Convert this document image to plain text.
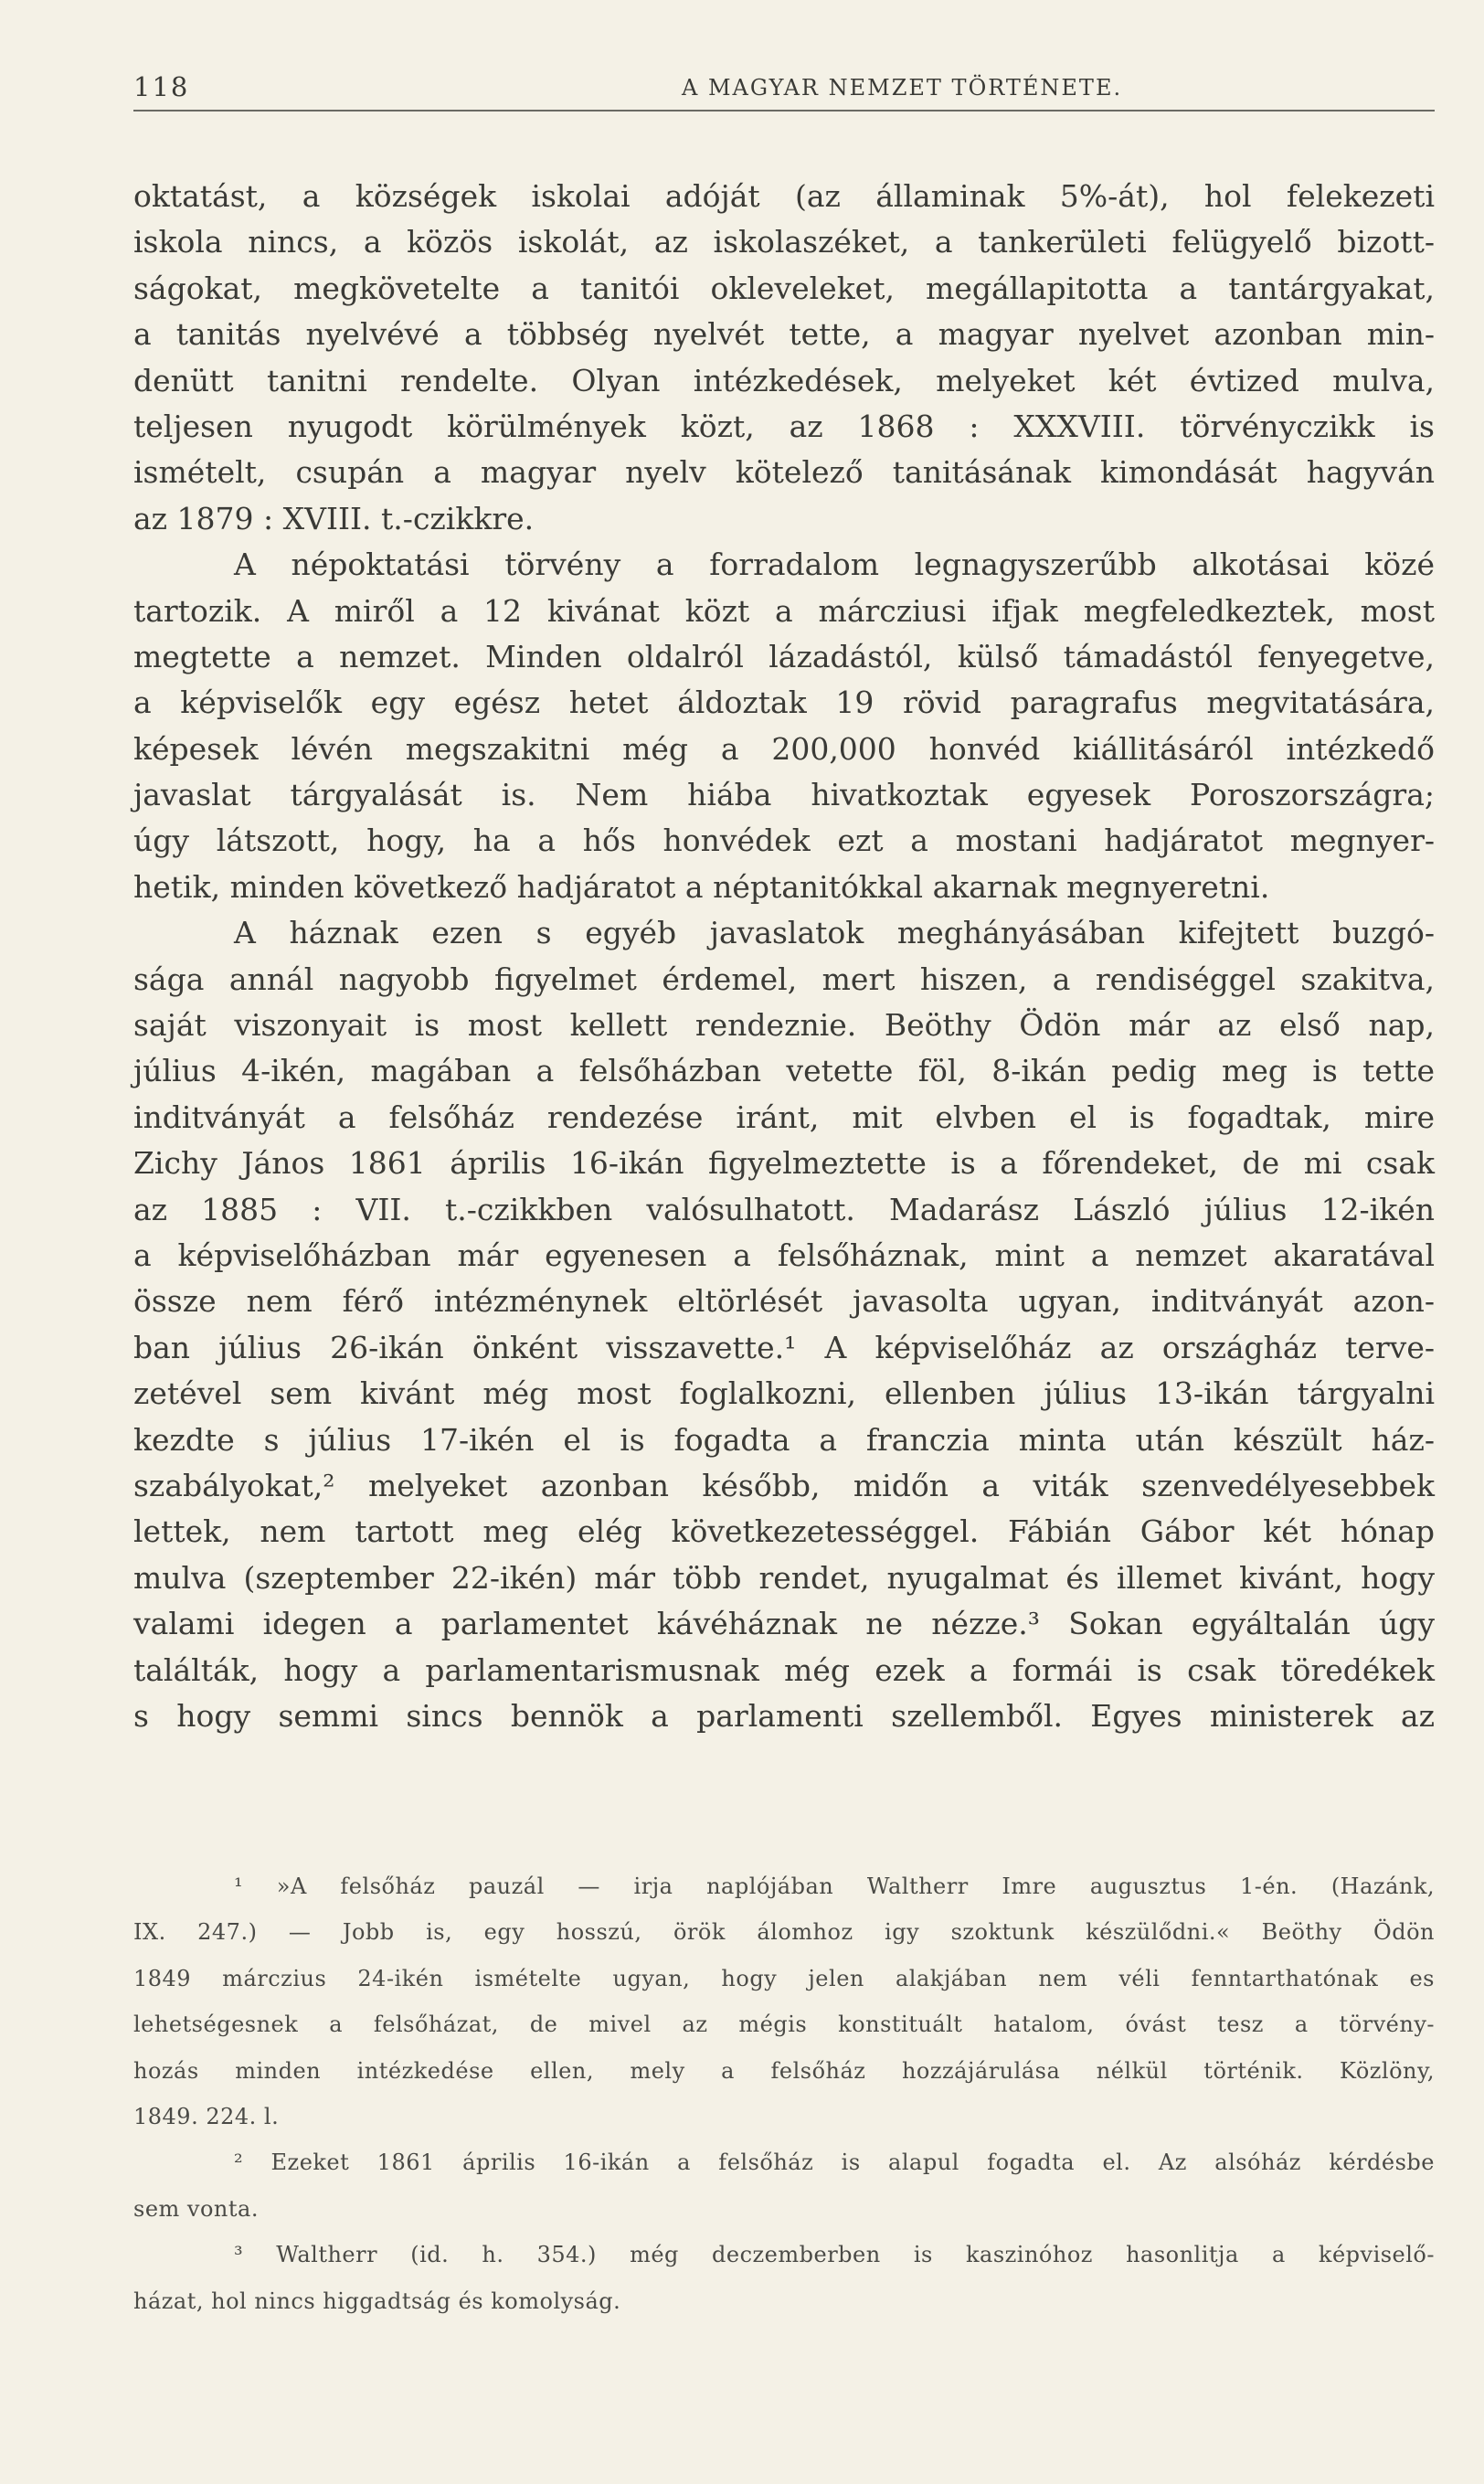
118	A MAGYAR NEMZET TÖRTÉNETE.
oktatást, a községek iskolai adóját (az államinak 5%-át), hol felekezeti
iskola nincs, a közös iskolát, az iskolaszéket, a tankerületi felügyelő bizott-
ságokat, megkövetelte a tanitói okleveleket, megállapitotta a tantárgyakat,
a tanitás nyelvévé a többség nyelvét tette, a magyar nyelvet azonban min-
denütt tanitni rendelte. Olyan intézkedések, melyeket két évtized mulva,
teljesen nyugodt körülmények közt, az 1868 : XXXVIII. törvényczikk is
ismételt, csupán a magyar nyelv kötelező tanitásának kimondását hagyván
az 1879 : XVIII. t.-czikkre.
A népoktatási törvény a forradalom legnagyszerűbb alkotásai közé
tartozik. A miről a 12 kivánat közt a márcziusi ifjak megfeledkeztek, most
megtette a nemzet. Minden oldalról lázadástól, külső támadástól fenyegetve,
a képviselők egy egész hetet áldoztak 19 rövid paragrafus megvitatására,
képesek lévén megszakitni még a 200,000 honvéd kiállitásáról intézkedő
javaslat tárgyalását is. Nem hiába hivatkoztak egyesek Poroszországra;
úgy látszott, hogy, ha a hős honvédek ezt a mostani hadjáratot megnyer-
hetik, minden következő hadjáratot a néptanitókkal akarnak megnyeretni.
A háznak ezen s egyéb javaslatok meghányásában kifejtett buzgó-
sága annál nagyobb figyelmet érdemel, mert hiszen, a rendiséggel szakitva,
saját viszonyait is most kellett rendeznie. Beöthy Ödön már az első nap,
július 4-ikén, magában a felsőházban vetette föl, 8-ikán pedig meg is tette
inditványát a felsőház rendezése iránt, mit elvben el is fogadtak, mire
Zichy János 1861 április 16-ikán figyelmeztette is a főrendeket, de mi csak
az 1885 : VII. t.-czikkben valósulhatott. Madarász László július 12-ikén
a képviselőházban már egyenesen a felsőháznak, mint a nemzet akaratával
össze nem férő intézménynek eltörlését javasolta ugyan, inditványát azon-
ban július 26-ikán önként visszavette.¹ A képviselőház az országház terve-
zetével sem kivánt még most foglalkozni, ellenben július 13-ikán tárgyalni
kezdte s július 17-ikén el is fogadta a franczia minta után készült ház-
szabályokat,² melyeket azonban később, midőn a viták szenvedélyesebbek
lettek, nem tartott meg elég következetességgel. Fábián Gábor két hónap
mulva (szeptember 22-ikén) már több rendet, nyugalmat és illemet kivánt, hogy
valami idegen a parlamentet kávéháznak ne nézze.³ Sokan egyáltalán úgy
találták, hogy a parlamentarismusnak még ezek a formái is csak töredékek
s hogy semmi sincs bennök a parlamenti szellemből. Egyes ministerek az
¹ »A felsőház pauzál — irja naplójában Waltherr Imre augusztus 1-én. (Hazánk,
IX. 247.) — Jobb is, egy hosszú, örök álomhoz igy szoktunk készülődni.« Beöthy Ödön
1849 márczius 24-ikén ismételte ugyan, hogy jelen alakjában nem véli fenntarthatónak es
lehetségesnek a felsőházat, de mivel az mégis konstituált hatalom, óvást tesz a törvény-
hozás minden intézkedése ellen, mely a felsőház hozzájárulása nélkül történik. Közlöny,
1849. 224. l.
² Ezeket 1861 április 16-ikán a felsőház is alapul fogadta el. Az alsóház kérdésbe
sem vonta.
³ Waltherr (id. h. 354.) még deczemberben is kaszinóhoz hasonlitja a képviselő-
házat, hol nincs higgadtság és komolyság.
